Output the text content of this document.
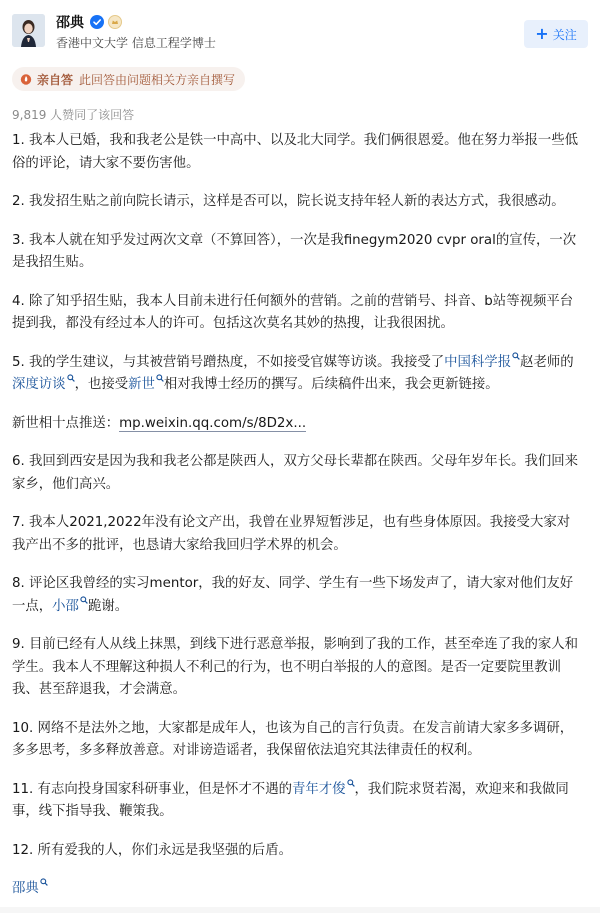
邵典
香港中文大学 信息工程学博士	+ 关注
亲自答 此回答由问题相关方亲自撰写
9,819 人赞同了该回答

1. 我本人已婚，我和我老公是铁一中高中、以及北大同学。我们俩很恩爱。他在努力举报一些低俗的评论，请大家不要伤害他。

2. 我发招生贴之前向院长请示，这样是否可以，院长说支持年轻人新的表达方式，我很感动。

3. 我本人就在知乎发过两次文章（不算回答），一次是我finegym2020 cvpr oral的宣传，一次是我招生贴。

4. 除了知乎招生贴，我本人目前未进行任何额外的营销。之前的营销号、抖音、b站等视频平台提到我，都没有经过本人的许可。包括这次莫名其妙的热搜，让我很困扰。

5. 我的学生建议，与其被营销号蹭热度，不如接受官媒等访谈。我接受了中国科学报 赵老师的深度访谈 ，也接受新世 相对我博士经历的撰写。后续稿件出来，我会更新链接。

新世相十点推送：mp.weixin.qq.com/s/8D2x...

6. 我回到西安是因为我和我老公都是陕西人，双方父母长辈都在陕西。父母年岁年长。我们回来家乡，他们高兴。

7. 我本人2021,2022年没有论文产出，我曾在业界短暂涉足，也有些身体原因。我接受大家对我产出不多的批评，也恳请大家给我回归学术界的机会。

8. 评论区我曾经的实习mentor，我的好友、同学、学生有一些下场发声了，请大家对他们友好一点，小邵 跪谢。

9. 目前已经有人从线上抹黑，到线下进行恶意举报，影响到了我的工作，甚至牵连了我的家人和学生。我本人不理解这种损人不利己的行为，也不明白举报的人的意图。是否一定要院里教训我、甚至辞退我，才会满意。

10. 网络不是法外之地，大家都是成年人，也该为自己的言行负责。在发言前请大家多多调研，多多思考，多多释放善意。对诽谤造谣者，我保留依法追究其法律责任的权利。

11. 有志向投身国家科研事业，但是怀才不遇的青年才俊 ，我们院求贤若渴，欢迎来和我做同事，线下指导我、鞭策我。

12. 所有爱我的人，你们永远是我坚强的后盾。

邵典
